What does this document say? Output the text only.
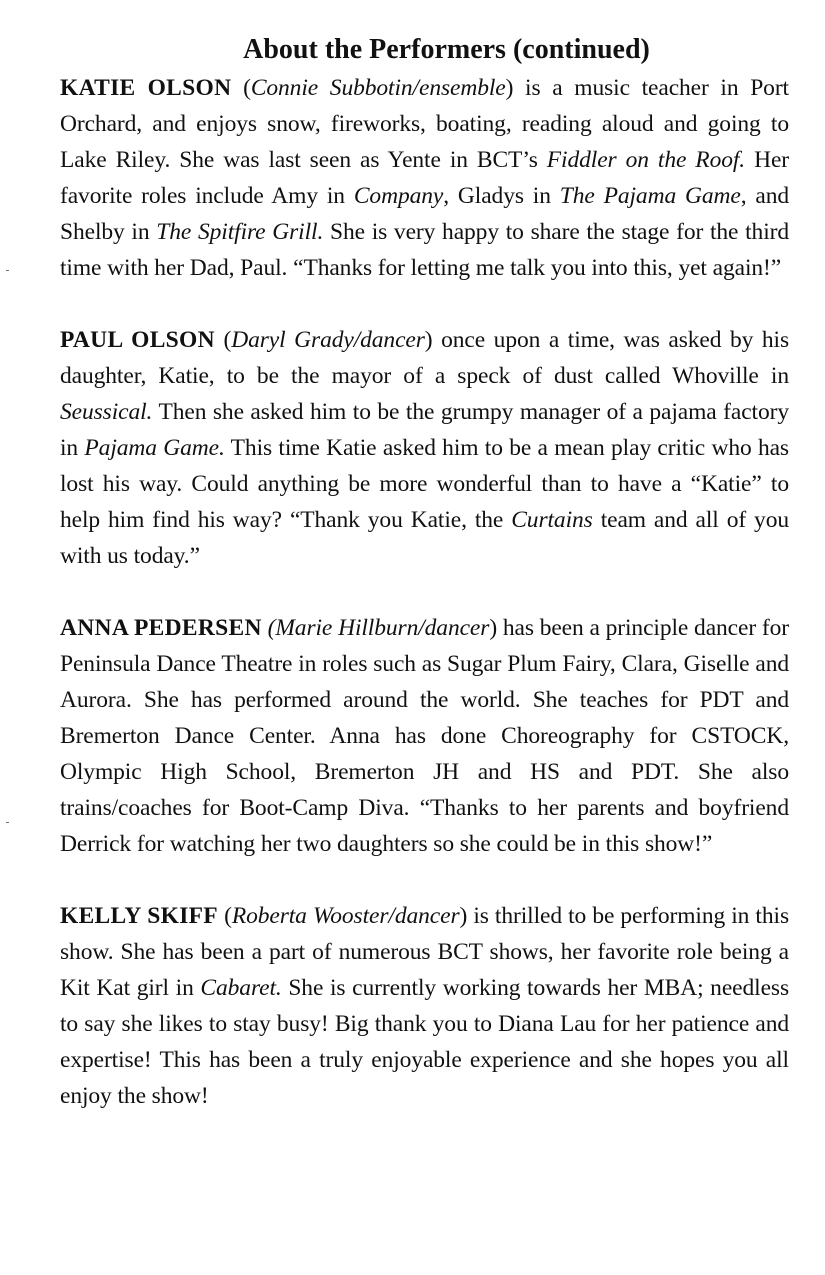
About the Performers (continued)

KATIE OLSON (Connie Subbotin/ensemble) is a music teacher in Port Orchard, and enjoys snow, fireworks, boating, reading aloud and going to Lake Riley. She was last seen as Yente in BCT’s Fiddler on the Roof. Her favorite roles include Amy in Company, Gladys in The Pajama Game, and Shelby in The Spitfire Grill. She is very happy to share the stage for the third time with her Dad, Paul. “Thanks for letting me talk you into this, yet again!”

PAUL OLSON (Daryl Grady/dancer) once upon a time, was asked by his daughter, Katie, to be the mayor of a speck of dust called Whoville in Seussical. Then she asked him to be the grumpy manager of a pajama factory in Pajama Game. This time Katie asked him to be a mean play critic who has lost his way. Could anything be more wonderful than to have a “Katie” to help him find his way? “Thank you Katie, the Curtains team and all of you with us today.”

ANNA PEDERSEN (Marie Hillburn/dancer) has been a principle dancer for Peninsula Dance Theatre in roles such as Sugar Plum Fairy, Clara, Giselle and Aurora. She has performed around the world. She teaches for PDT and Bremerton Dance Center. Anna has done Choreography for CSTOCK, Olympic High School, Bremerton JH and HS and PDT. She also trains/coaches for Boot-Camp Diva. “Thanks to her parents and boyfriend Derrick for watching her two daughters so she could be in this show!”

KELLY SKIFF (Roberta Wooster/dancer) is thrilled to be performing in this show. She has been a part of numerous BCT shows, her favorite role being a Kit Kat girl in Cabaret. She is currently working towards her MBA; needless to say she likes to stay busy! Big thank you to Diana Lau for her patience and expertise! This has been a truly enjoyable experience and she hopes you all enjoy the show!
